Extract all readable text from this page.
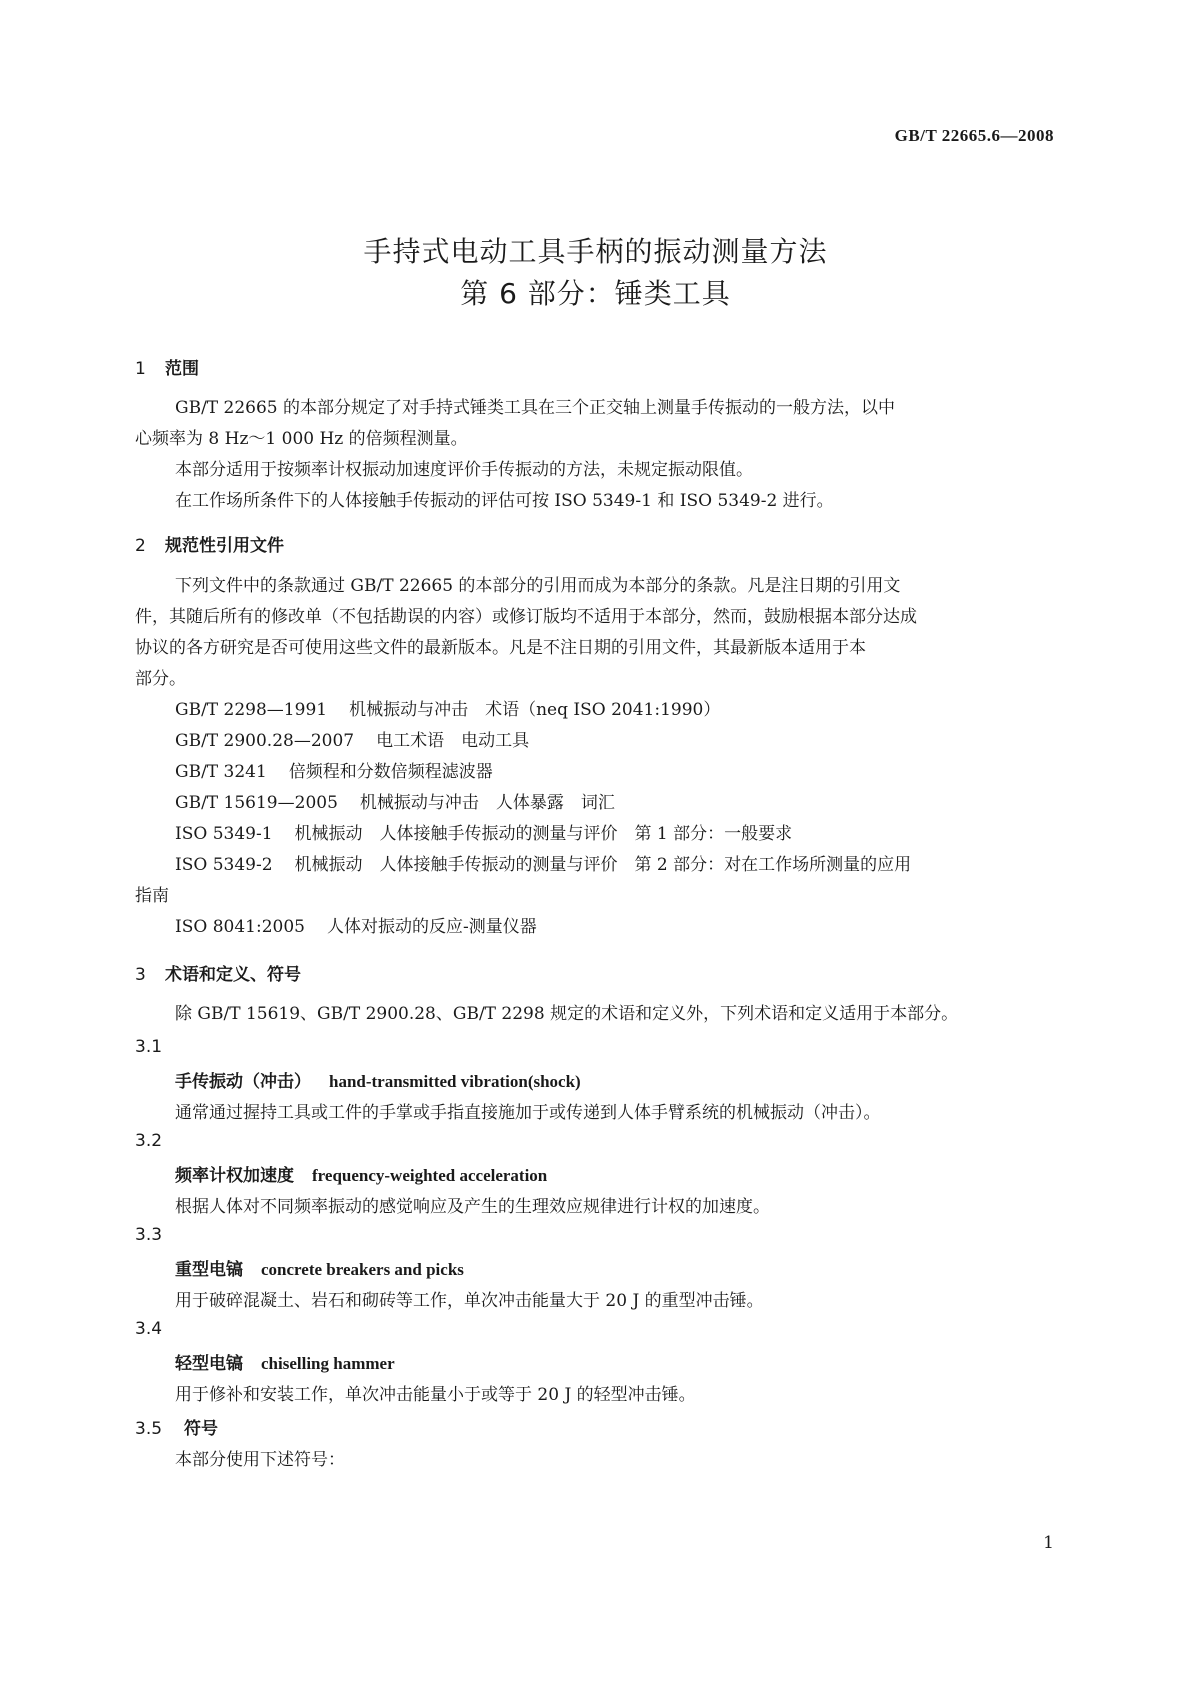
GB/T 22665.6—2008
手持式电动工具手柄的振动测量方法
第 6 部分：锤类工具
1 范围
GB/T 22665 的本部分规定了对手持式锤类工具在三个正交轴上测量手传振动的一般方法，以中
心频率为 8 Hz～1 000 Hz 的倍频程测量。
本部分适用于按频率计权振动加速度评价手传振动的方法，未规定振动限值。
在工作场所条件下的人体接触手传振动的评估可按 ISO 5349-1 和 ISO 5349-2 进行。
2 规范性引用文件
下列文件中的条款通过 GB/T 22665 的本部分的引用而成为本部分的条款。凡是注日期的引用文
件，其随后所有的修改单（不包括勘误的内容）或修订版均不适用于本部分，然而，鼓励根据本部分达成
协议的各方研究是否可使用这些文件的最新版本。凡是不注日期的引用文件，其最新版本适用于本
部分。
GB/T 2298—1991 机械振动与冲击　术语（neq ISO 2041:1990）
GB/T 2900.28—2007 电工术语　电动工具
GB/T 3241 倍频程和分数倍频程滤波器
GB/T 15619—2005 机械振动与冲击　人体暴露　词汇
ISO 5349-1 机械振动　人体接触手传振动的测量与评价　第 1 部分：一般要求
ISO 5349-2 机械振动　人体接触手传振动的测量与评价　第 2 部分：对在工作场所测量的应用
指南
ISO 8041:2005 人体对振动的反应-测量仪器
3 术语和定义、符号
除 GB/T 15619、GB/T 2900.28、GB/T 2298 规定的术语和定义外，下列术语和定义适用于本部分。
3.1
手传振动（冲击） hand-transmitted vibration(shock)
通常通过握持工具或工件的手掌或手指直接施加于或传递到人体手臂系统的机械振动（冲击）。
3.2
频率计权加速度 frequency-weighted acceleration
根据人体对不同频率振动的感觉响应及产生的生理效应规律进行计权的加速度。
3.3
重型电镐 concrete breakers and picks
用于破碎混凝土、岩石和砌砖等工作，单次冲击能量大于 20 J 的重型冲击锤。
3.4
轻型电镐 chiselling hammer
用于修补和安装工作，单次冲击能量小于或等于 20 J 的轻型冲击锤。
3.5 符号
本部分使用下述符号：
1
